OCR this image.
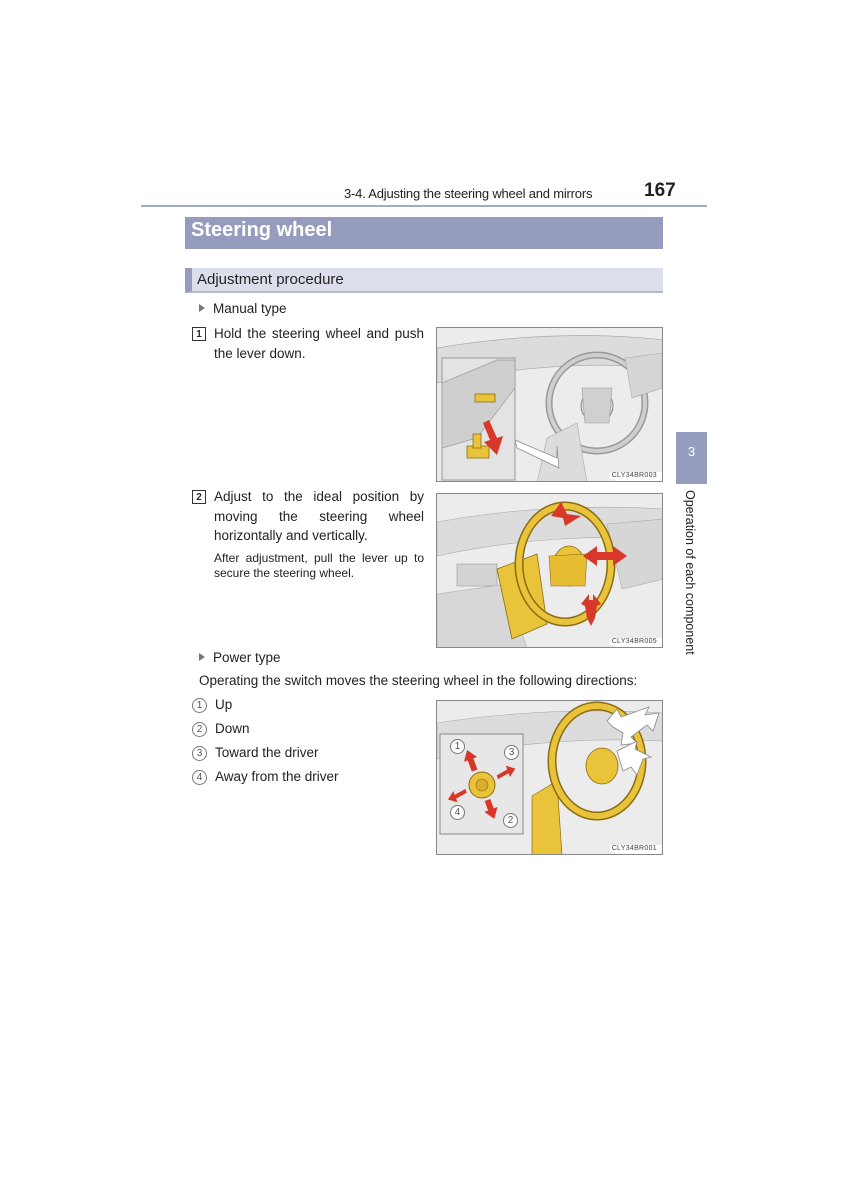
3-4. Adjusting the steering wheel and mirrors	167
Steering wheel
Adjustment procedure
Manual type
1 Hold the steering wheel and push the lever down.
CLY34BR003
2 Adjust to the ideal position by moving the steering wheel horizontally and vertically.
After adjustment, pull the lever up to secure the steering wheel.
CLY34BR005
Power type
Operating the switch moves the steering wheel in the following directions:
1 Up
2 Down
3 Toward the driver
4 Away from the driver
1
3
4
2
CLY34BR001
3
Operation of each component
